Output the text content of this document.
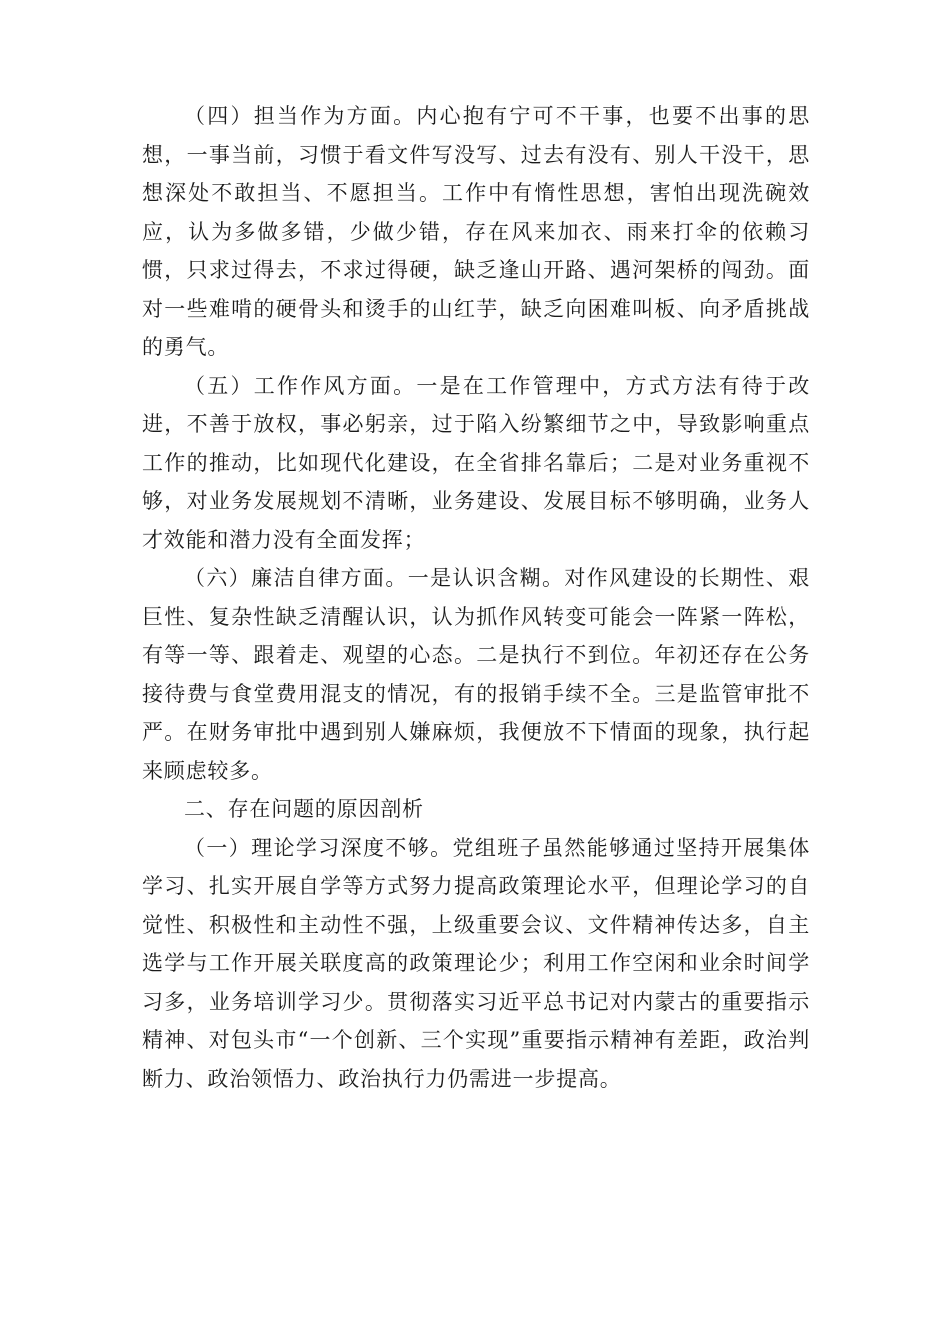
（四）担当作为方面。内心抱有宁可不干事，也要不出事的思想，一事当前，习惯于看文件写没写、过去有没有、别人干没干，思想深处不敢担当、不愿担当。工作中有惰性思想，害怕出现洗碗效应，认为多做多错，少做少错，存在风来加衣、雨来打伞的依赖习惯，只求过得去，不求过得硬，缺乏逢山开路、遇河架桥的闯劲。面对一些难啃的硬骨头和烫手的山红芋，缺乏向困难叫板、向矛盾挑战的勇气。

（五）工作作风方面。一是在工作管理中，方式方法有待于改进，不善于放权，事必躬亲，过于陷入纷繁细节之中，导致影响重点工作的推动，比如现代化建设，在全省排名靠后；二是对业务重视不够，对业务发展规划不清晰，业务建设、发展目标不够明确，业务人才效能和潜力没有全面发挥；

（六）廉洁自律方面。一是认识含糊。对作风建设的长期性、艰巨性、复杂性缺乏清醒认识，认为抓作风转变可能会一阵紧一阵松，有等一等、跟着走、观望的心态。二是执行不到位。年初还存在公务接待费与食堂费用混支的情况，有的报销手续不全。三是监管审批不严。在财务审批中遇到别人嫌麻烦，我便放不下情面的现象，执行起来顾虑较多。

二、存在问题的原因剖析

（一）理论学习深度不够。党组班子虽然能够通过坚持开展集体学习、扎实开展自学等方式努力提高政策理论水平，但理论学习的自觉性、积极性和主动性不强，上级重要会议、文件精神传达多，自主选学与工作开展关联度高的政策理论少；利用工作空闲和业余时间学习多，业务培训学习少。贯彻落实习近平总书记对内蒙古的重要指示精神、对包头市“一个创新、三个实现”重要指示精神有差距，政治判断力、政治领悟力、政治执行力仍需进一步提高。
